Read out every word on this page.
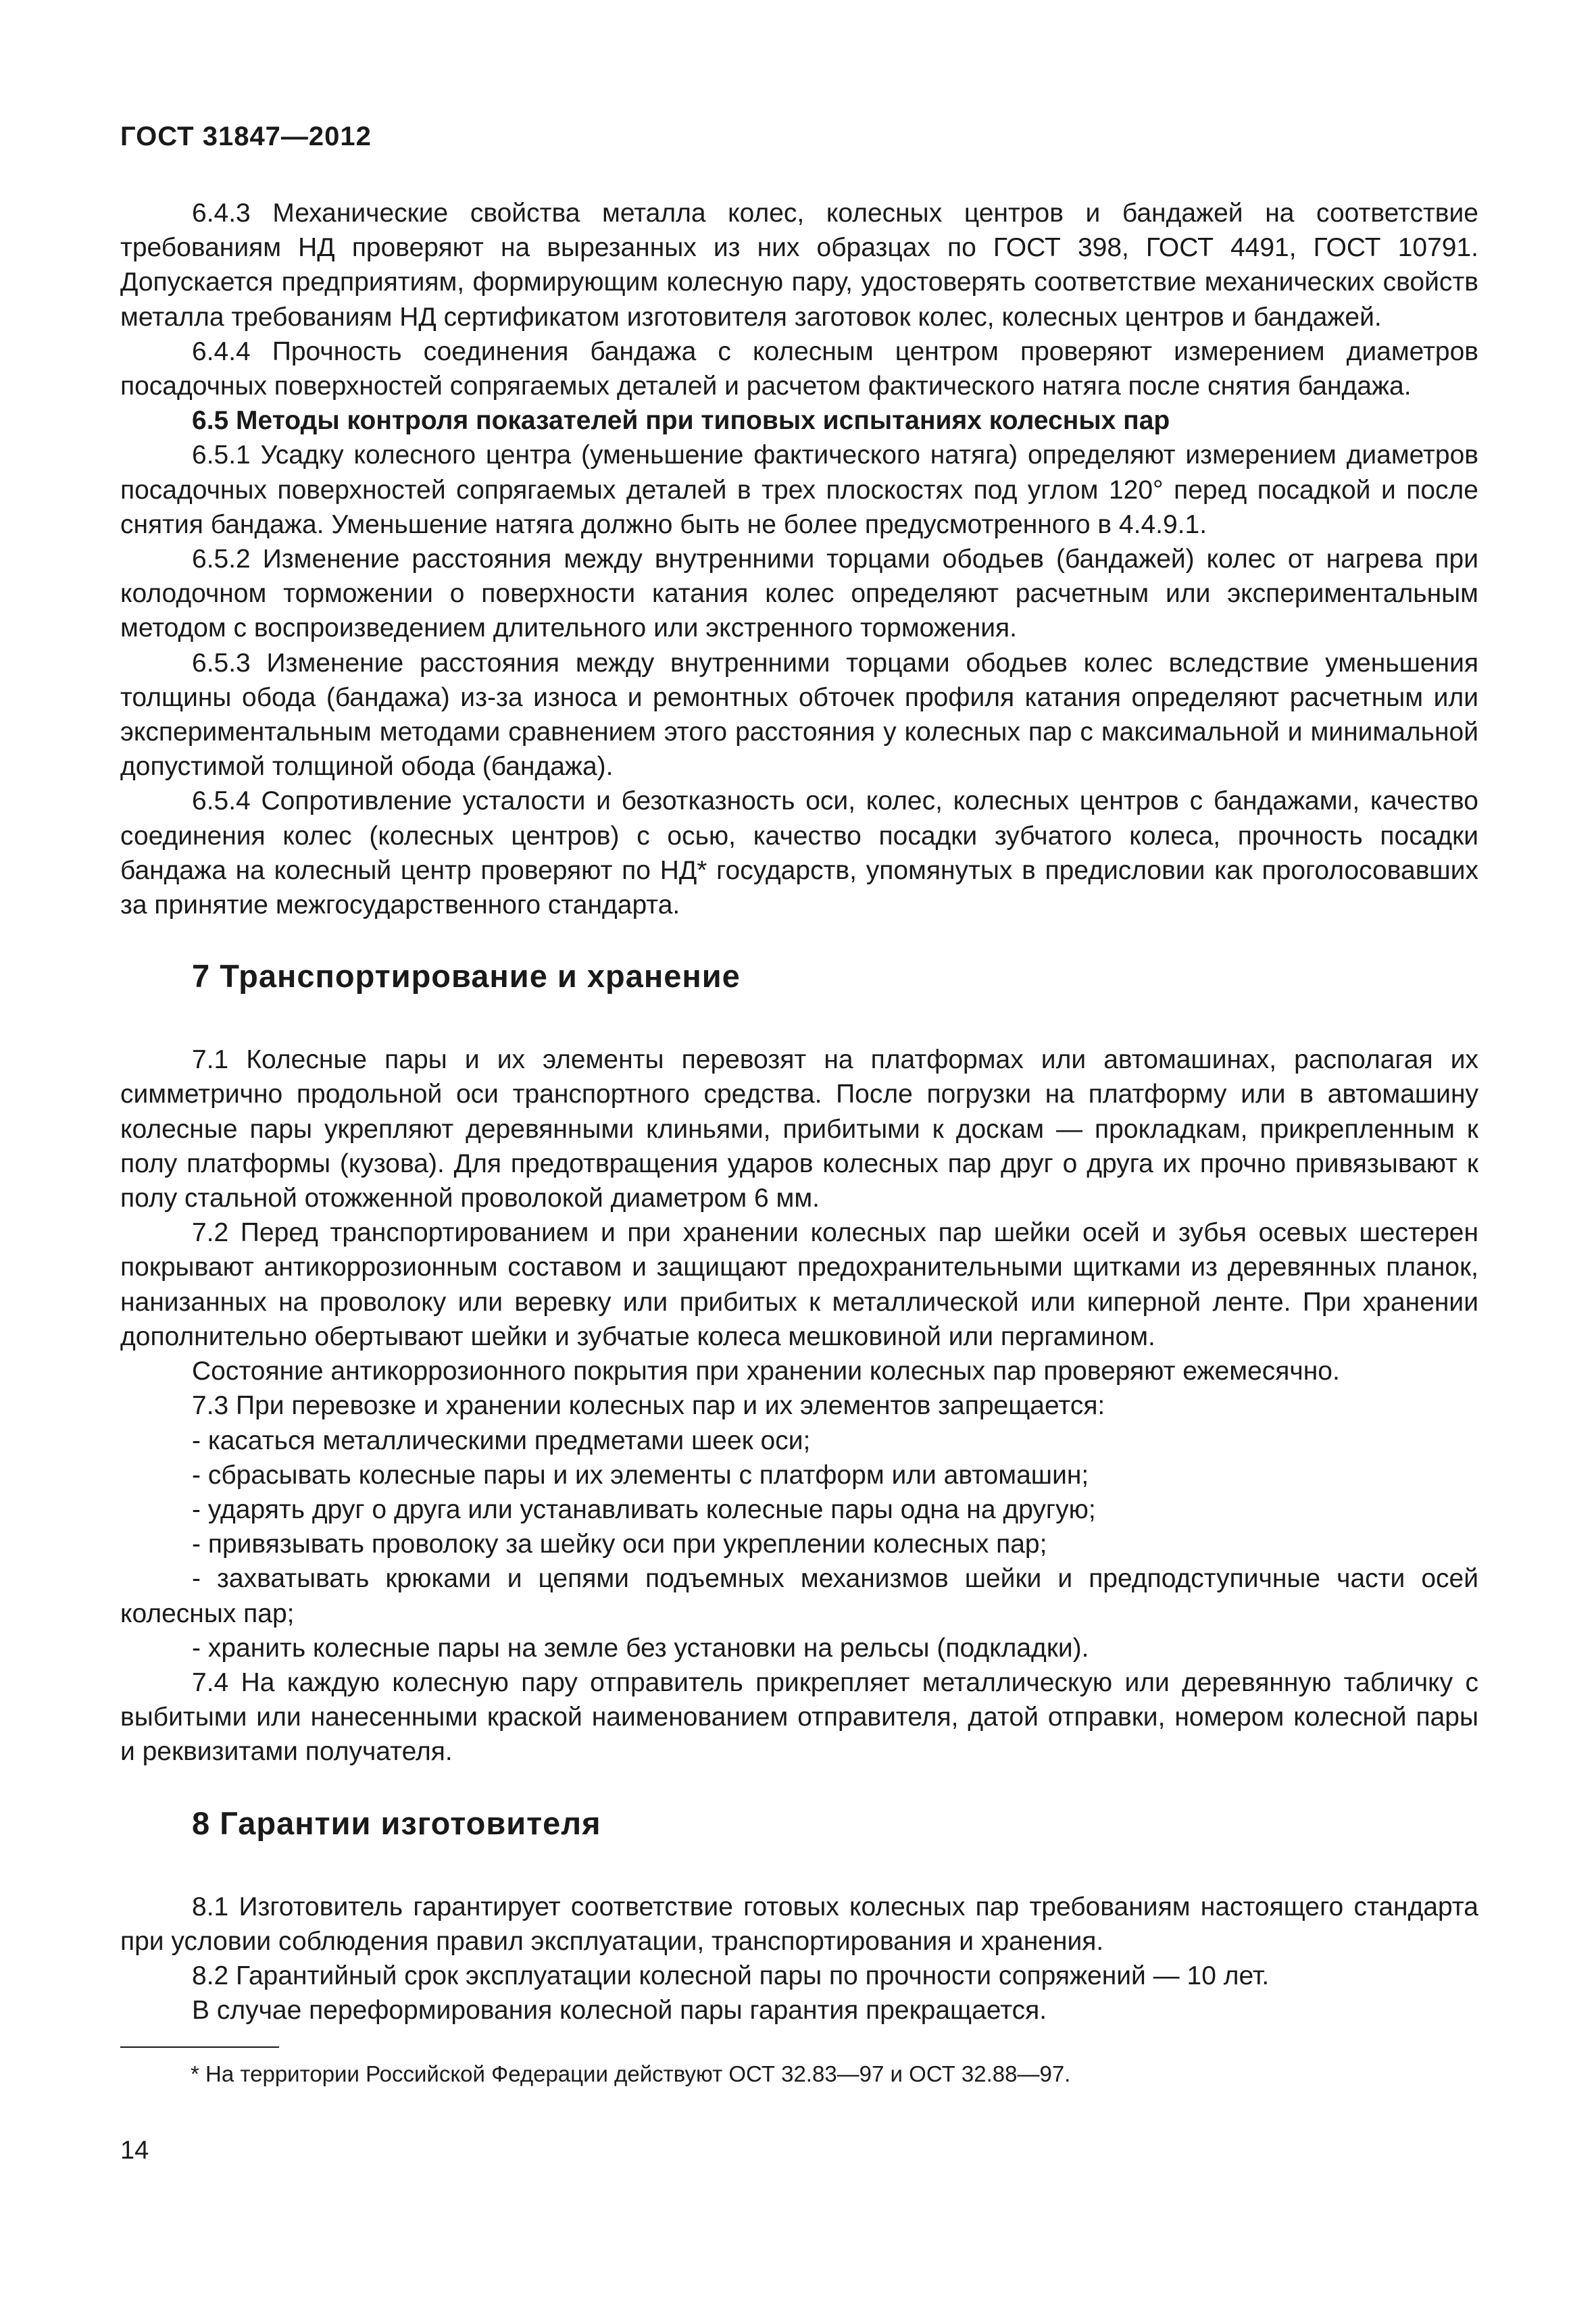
ГОСТ 31847—2012

6.4.3 Механические свойства металла колес, колесных центров и бандажей на соответствие требованиям НД проверяют на вырезанных из них образцах по ГОСТ 398, ГОСТ 4491, ГОСТ 10791. Допускается предприятиям, формирующим колесную пару, удостоверять соответствие механических свойств металла требованиям НД сертификатом изготовителя заготовок колес, колесных центров и бандажей.

6.4.4 Прочность соединения бандажа с колесным центром проверяют измерением диаметров посадочных поверхностей сопрягаемых деталей и расчетом фактического натяга после снятия бандажа.

6.5 Методы контроля показателей при типовых испытаниях колесных пар

6.5.1 Усадку колесного центра (уменьшение фактического натяга) определяют измерением диаметров посадочных поверхностей сопрягаемых деталей в трех плоскостях под углом 120° перед посадкой и после снятия бандажа. Уменьшение натяга должно быть не более предусмотренного в 4.4.9.1.

6.5.2 Изменение расстояния между внутренними торцами ободьев (бандажей) колес от нагрева при колодочном торможении о поверхности катания колес определяют расчетным или экспериментальным методом с воспроизведением длительного или экстренного торможения.

6.5.3 Изменение расстояния между внутренними торцами ободьев колес вследствие уменьшения толщины обода (бандажа) из-за износа и ремонтных обточек профиля катания определяют расчетным или экспериментальным методами сравнением этого расстояния у колесных пар с максимальной и минимальной допустимой толщиной обода (бандажа).

6.5.4 Сопротивление усталости и безотказность оси, колес, колесных центров с бандажами, качество соединения колес (колесных центров) с осью, качество посадки зубчатого колеса, прочность посадки бандажа на колесный центр проверяют по НД* государств, упомянутых в предисловии как проголосовавших за принятие межгосударственного стандарта.

7 Транспортирование и хранение

7.1 Колесные пары и их элементы перевозят на платформах или автомашинах, располагая их симметрично продольной оси транспортного средства. После погрузки на платформу или в автомашину колесные пары укрепляют деревянными клиньями, прибитыми к доскам — прокладкам, прикрепленным к полу платформы (кузова). Для предотвращения ударов колесных пар друг о друга их прочно привязывают к полу стальной отожженной проволокой диаметром 6 мм.

7.2 Перед транспортированием и при хранении колесных пар шейки осей и зубья осевых шестерен покрывают антикоррозионным составом и защищают предохранительными щитками из деревянных планок, нанизанных на проволоку или веревку или прибитых к металлической или киперной ленте. При хранении дополнительно обертывают шейки и зубчатые колеса мешковиной или пергамином.

Состояние антикоррозионного покрытия при хранении колесных пар проверяют ежемесячно.

7.3 При перевозке и хранении колесных пар и их элементов запрещается:

- касаться металлическими предметами шеек оси;

- сбрасывать колесные пары и их элементы с платформ или автомашин;

- ударять друг о друга или устанавливать колесные пары одна на другую;

- привязывать проволоку за шейку оси при укреплении колесных пар;

- захватывать крюками и цепями подъемных механизмов шейки и предподступичные части осей колесных пар;

- хранить колесные пары на земле без установки на рельсы (подкладки).

7.4 На каждую колесную пару отправитель прикрепляет металлическую или деревянную табличку с выбитыми или нанесенными краской наименованием отправителя, датой отправки, номером колесной пары и реквизитами получателя.

8 Гарантии изготовителя

8.1 Изготовитель гарантирует соответствие готовых колесных пар требованиям настоящего стандарта при условии соблюдения правил эксплуатации, транспортирования и хранения.

8.2 Гарантийный срок эксплуатации колесной пары по прочности сопряжений — 10 лет.

В случае переформирования колесной пары гарантия прекращается.

* На территории Российской Федерации действуют ОСТ 32.83—97 и ОСТ 32.88—97.
14
